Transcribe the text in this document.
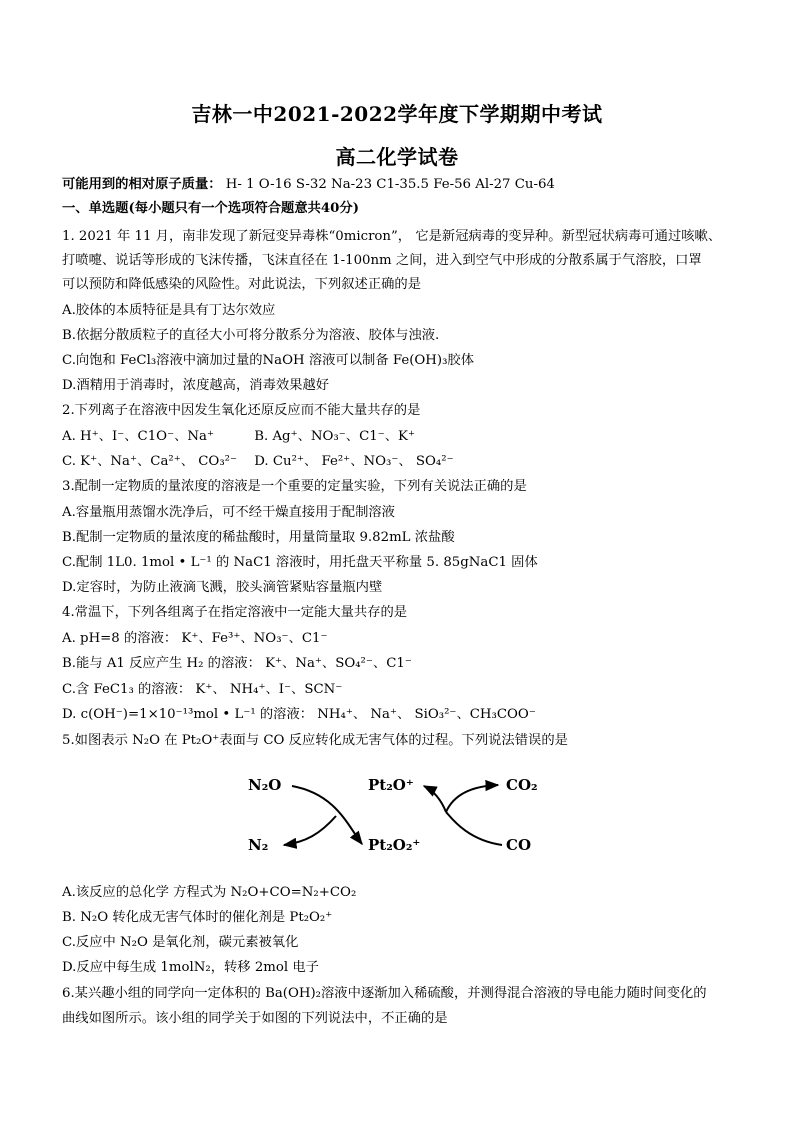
吉林一中2021-2022学年度下学期期中考试
高二化学试卷
可能用到的相对原子质量： H- 1 O-16 S-32 Na-23 C1-35.5 Fe-56 Al-27 Cu-64
一、单选题(每小题只有一个选项符合题意共40分)
1. 2021 年 11 月，南非发现了新冠变异毒株“0micron”， 它是新冠病毒的变异种。新型冠状病毒可通过咳嗽、
打喷嚏、说话等形成的飞沫传播，飞沫直径在 1-100nm 之间，进入到空气中形成的分散系属于气溶胶，口罩
可以预防和降低感染的风险性。对此说法，下列叙述正确的是
A.胶体的本质特征是具有丁达尔效应
B.依据分散质粒子的直径大小可将分散系分为溶液、胶体与浊液.
C.向饱和 FeCl₃溶液中滴加过量的NaOH 溶液可以制备 Fe(OH)₃胶体
D.酒精用于消毒时，浓度越高，消毒效果越好
2.下列离子在溶液中因发生氧化还原反应而不能大量共存的是
A. H⁺、I⁻、C1O⁻、Na⁺	B. Ag⁺、NO₃⁻、C1⁻、K⁺
C. K⁺、Na⁺、Ca²⁺、 CO₃²⁻ D. Cu²⁺、 Fe²⁺、NO₃⁻、 SO₄²⁻
3.配制一定物质的量浓度的溶液是一个重要的定量实验，下列有关说法正确的是
A.容量瓶用蒸馏水洗净后，可不经干燥直接用于配制溶液
B.配制一定物质的量浓度的稀盐酸时，用量筒量取 9.82mL 浓盐酸
C.配制 1L0. 1mol • L⁻¹ 的 NaC1 溶液时，用托盘天平称量 5. 85gNaC1 固体
D.定容时，为防止液滴飞溅，胶头滴管紧贴容量瓶内壁
4.常温下，下列各组离子在指定溶液中一定能大量共存的是
A. pH=8 的溶液： K⁺、Fe³⁺、NO₃⁻、C1⁻
B.能与 A1 反应产生 H₂ 的溶液： K⁺、Na⁺、SO₄²⁻、C1⁻
C.含 FeC1₃ 的溶液： K⁺、 NH₄⁺、I⁻、SCN⁻
D. c(OH⁻)=1×10⁻¹³mol • L⁻¹ 的溶液： NH₄⁺、 Na⁺、 SiO₃²⁻、CH₃COO⁻
5.如图表示 N₂O 在 Pt₂O⁺表面与 CO 反应转化成无害气体的过程。下列说法错误的是
N₂O
N₂
Pt₂O⁺
Pt₂O₂⁺
CO₂
CO
A.该反应的总化学 方程式为 N₂O+CO=N₂+CO₂
B. N₂O 转化成无害气体时的催化剂是 Pt₂O₂⁺
C.反应中 N₂O 是氧化剂，碳元素被氧化
D.反应中每生成 1molN₂，转移 2mol 电子
6.某兴趣小组的同学向一定体积的 Ba(OH)₂溶液中逐渐加入稀硫酸，并测得混合溶液的导电能力随时间变化的
曲线如图所示。该小组的同学关于如图的下列说法中，不正确的是
